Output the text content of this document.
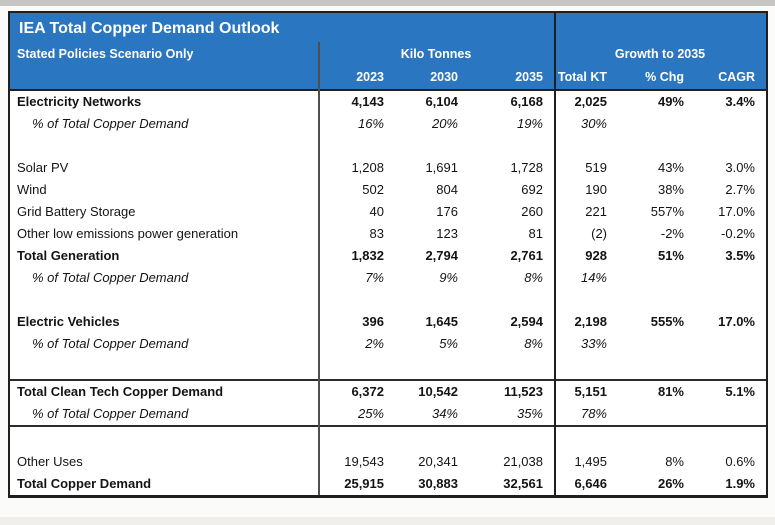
IEA Total Copper Demand Outlook
Stated Policies Scenario Only	Kilo Tonnes	Growth to 2035
2023	2030	2035	Total KT	% Chg	CAGR
Electricity Networks	4,143	6,104	6,168	2,025	49%	3.4%
% of Total Copper Demand	16%	20%	19%	30%
Solar PV	1,208	1,691	1,728	519	43%	3.0%
Wind	502	804	692	190	38%	2.7%
Grid Battery Storage	40	176	260	221	557%	17.0%
Other low emissions power generation	83	123	81	(2)	-2%	-0.2%
Total Generation	1,832	2,794	2,761	928	51%	3.5%
% of Total Copper Demand	7%	9%	8%	14%
Electric Vehicles	396	1,645	2,594	2,198	555%	17.0%
% of Total Copper Demand	2%	5%	8%	33%
Total Clean Tech Copper Demand	6,372	10,542	11,523	5,151	81%	5.1%
% of Total Copper Demand	25%	34%	35%	78%
Other Uses	19,543	20,341	21,038	1,495	8%	0.6%
Total Copper Demand	25,915	30,883	32,561	6,646	26%	1.9%
